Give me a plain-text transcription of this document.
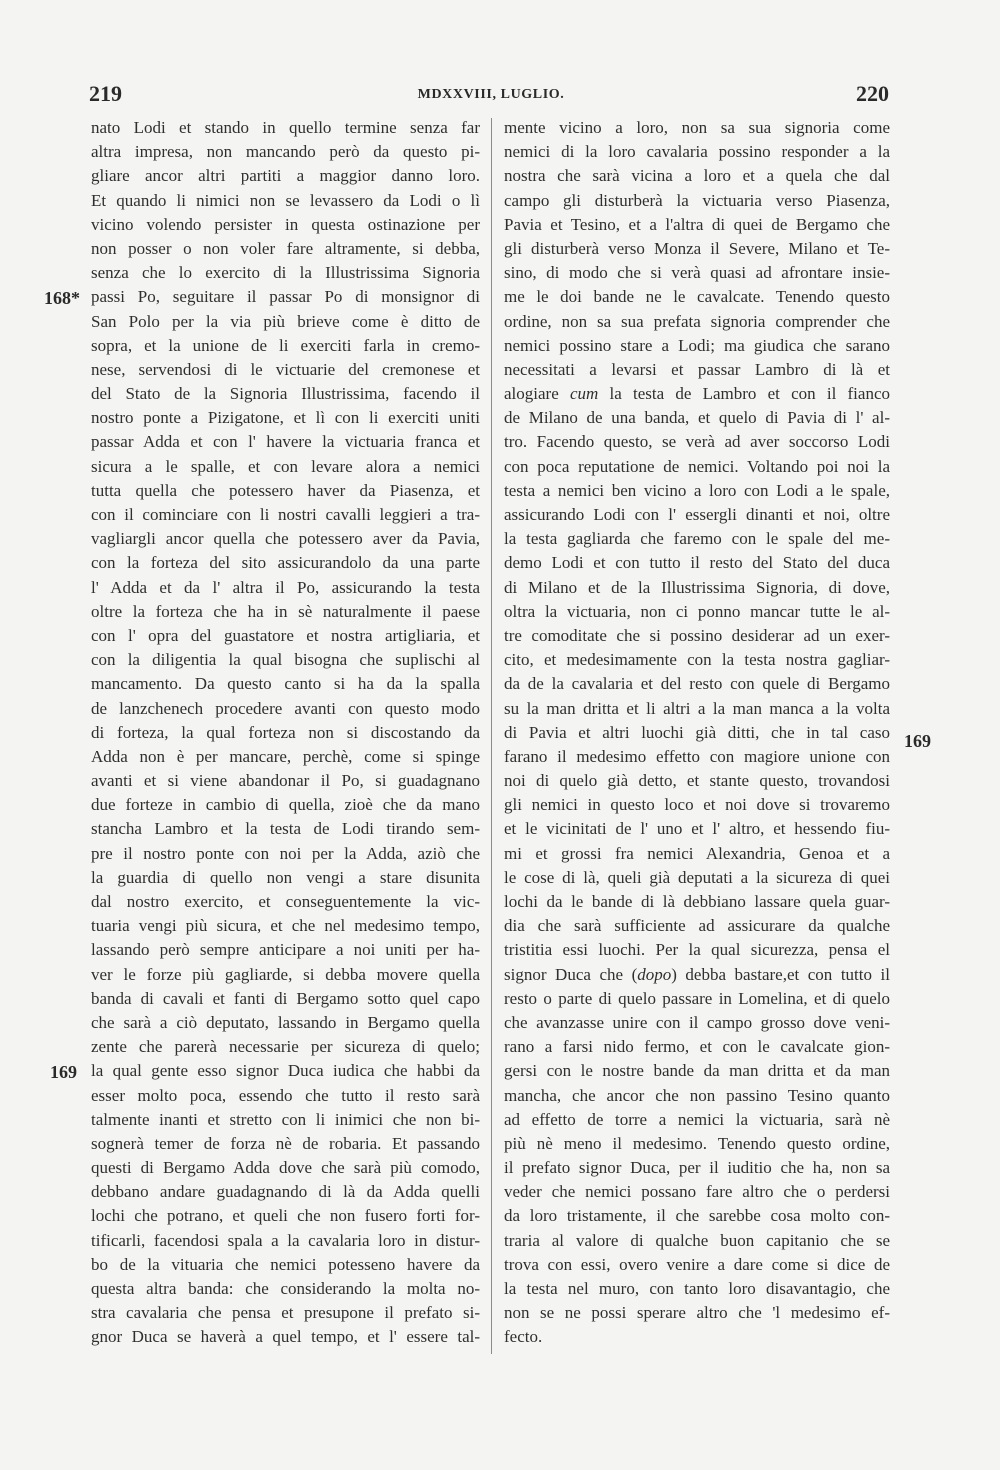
219	MDXXVIII, LUGLIO.	220
168*
169
169
nato Lodi et stando in quello termine senza far
altra impresa, non mancando però da questo pi-
gliare ancor altri partiti a maggior danno loro.
Et quando li nimici non se levassero da Lodi o lì
vicino volendo persister in questa ostinazione per
non posser o non voler fare altramente, si debba,
senza che lo exercito di la Illustrissima Signoria
passi Po, seguitare il passar Po di monsignor di
San Polo per la via più brieve come è ditto de
sopra, et la unione de li exerciti farla in cremo-
nese, servendosi di le victuarie del cremonese et
del Stato de la Signoria Illustrissima, facendo il
nostro ponte a Pizigatone, et lì con li exerciti uniti
passar Adda et con l' havere la victuaria franca et
sicura a le spalle, et con levare alora a nemici
tutta quella che potessero haver da Piasenza, et
con il cominciare con li nostri cavalli leggieri a tra-
vagliargli ancor quella che potessero aver da Pavia,
con la forteza del sito assicurandolo da una parte
l' Adda et da l' altra il Po, assicurando la testa
oltre la forteza che ha in sè naturalmente il paese
con l' opra del guastatore et nostra artigliaria, et
con la diligentia la qual bisogna che suplischi al
mancamento. Da questo canto si ha da la spalla
de lanzchenech procedere avanti con questo modo
di forteza, la qual forteza non si discostando da
Adda non è per mancare, perchè, come si spinge
avanti et si viene abandonar il Po, si guadagnano
due forteze in cambio di quella, zioè che da mano
stancha Lambro et la testa de Lodi tirando sem-
pre il nostro ponte con noi per la Adda, aziò che
la guardia di quello non vengi a stare disunita
dal nostro exercito, et conseguentemente la vic-
tuaria vengi più sicura, et che nel medesimo tempo,
lassando però sempre anticipare a noi uniti per ha-
ver le forze più gagliarde, si debba movere quella
banda di cavali et fanti di Bergamo sotto quel capo
che sarà a ciò deputato, lassando in Bergamo quella
zente che parerà necessarie per sicureza di quelo;
la qual gente esso signor Duca iudica che habbi da
esser molto poca, essendo che tutto il resto sarà
talmente inanti et stretto con li inimici che non bi-
sognerà temer de forza nè de robaria. Et passando
questi di Bergamo Adda dove che sarà più comodo,
debbano andare guadagnando di là da Adda quelli
lochi che potrano, et queli che non fusero forti for-
tificarli, facendosi spala a la cavalaria loro in distur-
bo de la vituaria che nemici potesseno havere da
questa altra banda: che considerando la molta no-
stra cavalaria che pensa et presupone il prefato si-
gnor Duca se haverà a quel tempo, et l' essere tal-
mente vicino a loro, non sa sua signoria come
nemici di la loro cavalaria possino responder a la
nostra che sarà vicina a loro et a quela che dal
campo gli disturberà la victuaria verso Piasenza,
Pavia et Tesino, et a l'altra di quei de Bergamo che
gli disturberà verso Monza il Severe, Milano et Te-
sino, di modo che si verà quasi ad afrontare insie-
me le doi bande ne le cavalcate. Tenendo questo
ordine, non sa sua prefata signoria comprender che
nemici possino stare a Lodi; ma giudica che sarano
necessitati a levarsi et passar Lambro di là et
alogiare cum la testa de Lambro et con il fianco
de Milano de una banda, et quelo di Pavia di l' al-
tro. Facendo questo, se verà ad aver soccorso Lodi
con poca reputatione de nemici. Voltando poi noi la
testa a nemici ben vicino a loro con Lodi a le spale,
assicurando Lodi con l' essergli dinanti et noi, oltre
la testa gagliarda che faremo con le spale del me-
demo Lodi et con tutto il resto del Stato del duca
di Milano et de la Illustrissima Signoria, di dove,
oltra la victuaria, non ci ponno mancar tutte le al-
tre comoditate che si possino desiderar ad un exer-
cito, et medesimamente con la testa nostra gagliar-
da de la cavalaria et del resto con quele di Bergamo
su la man dritta et li altri a la man manca a la volta
di Pavia et altri luochi già ditti, che in tal caso
farano il medesimo effetto con magiore unione con
noi di quelo già detto, et stante questo, trovandosi
gli nemici in questo loco et noi dove si trovaremo
et le vicinitati de l' uno et l' altro, et hessendo fiu-
mi et grossi fra nemici Alexandria, Genoa et a
le cose di là, queli già deputati a la sicureza di quei
lochi da le bande di là debbiano lassare quela guar-
dia che sarà sufficiente ad assicurare da qualche
tristitia essi luochi. Per la qual sicurezza, pensa el
signor Duca che (dopo) debba bastare,et con tutto il
resto o parte di quelo passare in Lomelina, et di quelo
che avanzasse unire con il campo grosso dove veni-
rano a farsi nido fermo, et con le cavalcate gion-
gersi con le nostre bande da man dritta et da man
mancha, che ancor che non passino Tesino quanto
ad effetto de torre a nemici la victuaria, sarà nè
più nè meno il medesimo. Tenendo questo ordine,
il prefato signor Duca, per il iuditio che ha, non sa
veder che nemici possano fare altro che o perdersi
da loro tristamente, il che sarebbe cosa molto con-
traria al valore di qualche buon capitanio che se
trova con essi, overo venire a dare come si dice de
la testa nel muro, con tanto loro disavantagio, che
non se ne possi sperare altro che 'l medesimo ef-
fecto.
